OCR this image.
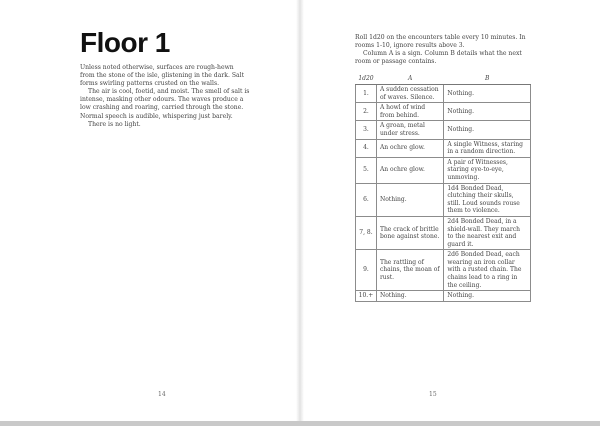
Floor 1

Unless noted otherwise, surfaces are rough-hewn from the stone of the isle, glistening in the dark. Salt forms swirling patterns crusted on the walls.

The air is cool, foetid, and moist. The smell of salt is intense, masking other odours. The waves produce a low crashing and roaring, carried through the stone. Normal speech is audible, whispering just barely.

There is no light.

14	15

Roll 1d20 on the encounters table every 10 minutes. In rooms 1-10, ignore results above 3.

Column A is a sign. Column B details what the next room or passage contains.

1d20	A	B
1.	A sudden cessation of waves. Silence.	Nothing.
2.	A howl of wind from behind.	Nothing.
3.	A groan, metal under stress.	Nothing.
4.	An ochre glow.	A single Witness, staring in a random direction.
5.	An ochre glow.	A pair of Witnesses, staring eye-to-eye, unmoving.
6.	Nothing.	1d4 Bonded Dead, clutching their skulls, still. Loud sounds rouse them to violence.
7, 8.	The crack of brittle bone against stone.	2d4 Bonded Dead, in a shield-wall. They march to the nearest exit and guard it.
9.	The rattling of chains, the moan of rust.	2d6 Bonded Dead, each wearing an iron collar with a rusted chain. The chains lead to a ring in the ceiling.
10.+	Nothing.	Nothing.
